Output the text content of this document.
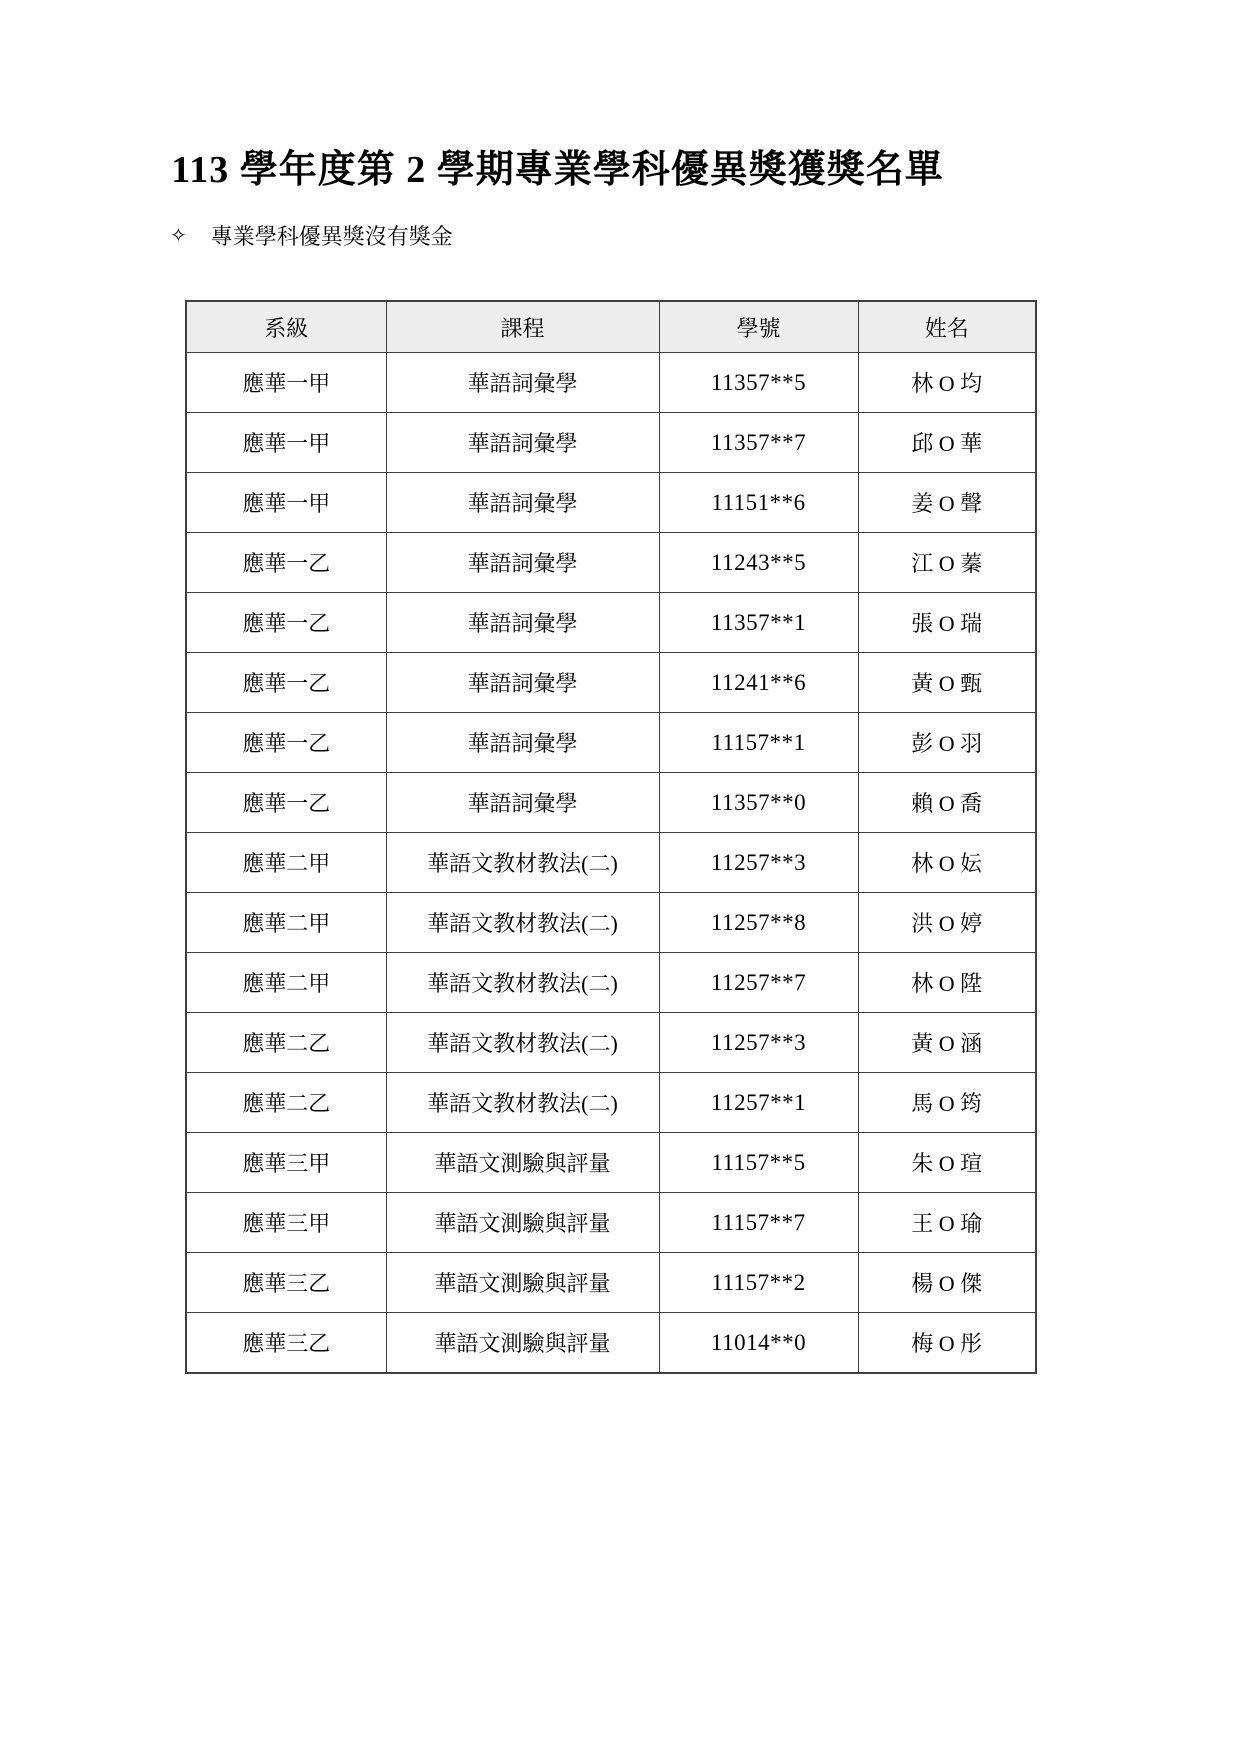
113 學年度第 2 學期專業學科優異獎獲獎名單
✧ 專業學科優異獎沒有獎金
系級	課程	學號	姓名
應華一甲	華語詞彙學	11357**5	林 O 均
應華一甲	華語詞彙學	11357**7	邱 O 華
應華一甲	華語詞彙學	11151**6	姜 O 聲
應華一乙	華語詞彙學	11243**5	江 O 蓁
應華一乙	華語詞彙學	11357**1	張 O 瑞
應華一乙	華語詞彙學	11241**6	黃 O 甄
應華一乙	華語詞彙學	11157**1	彭 O 羽
應華一乙	華語詞彙學	11357**0	賴 O 喬
應華二甲	華語文教材教法(二)	11257**3	林 O 妘
應華二甲	華語文教材教法(二)	11257**8	洪 O 婷
應華二甲	華語文教材教法(二)	11257**7	林 O 陞
應華二乙	華語文教材教法(二)	11257**3	黃 O 涵
應華二乙	華語文教材教法(二)	11257**1	馬 O 筠
應華三甲	華語文測驗與評量	11157**5	朱 O 瑄
應華三甲	華語文測驗與評量	11157**7	王 O 瑜
應華三乙	華語文測驗與評量	11157**2	楊 O 傑
應華三乙	華語文測驗與評量	11014**0	梅 O 彤
